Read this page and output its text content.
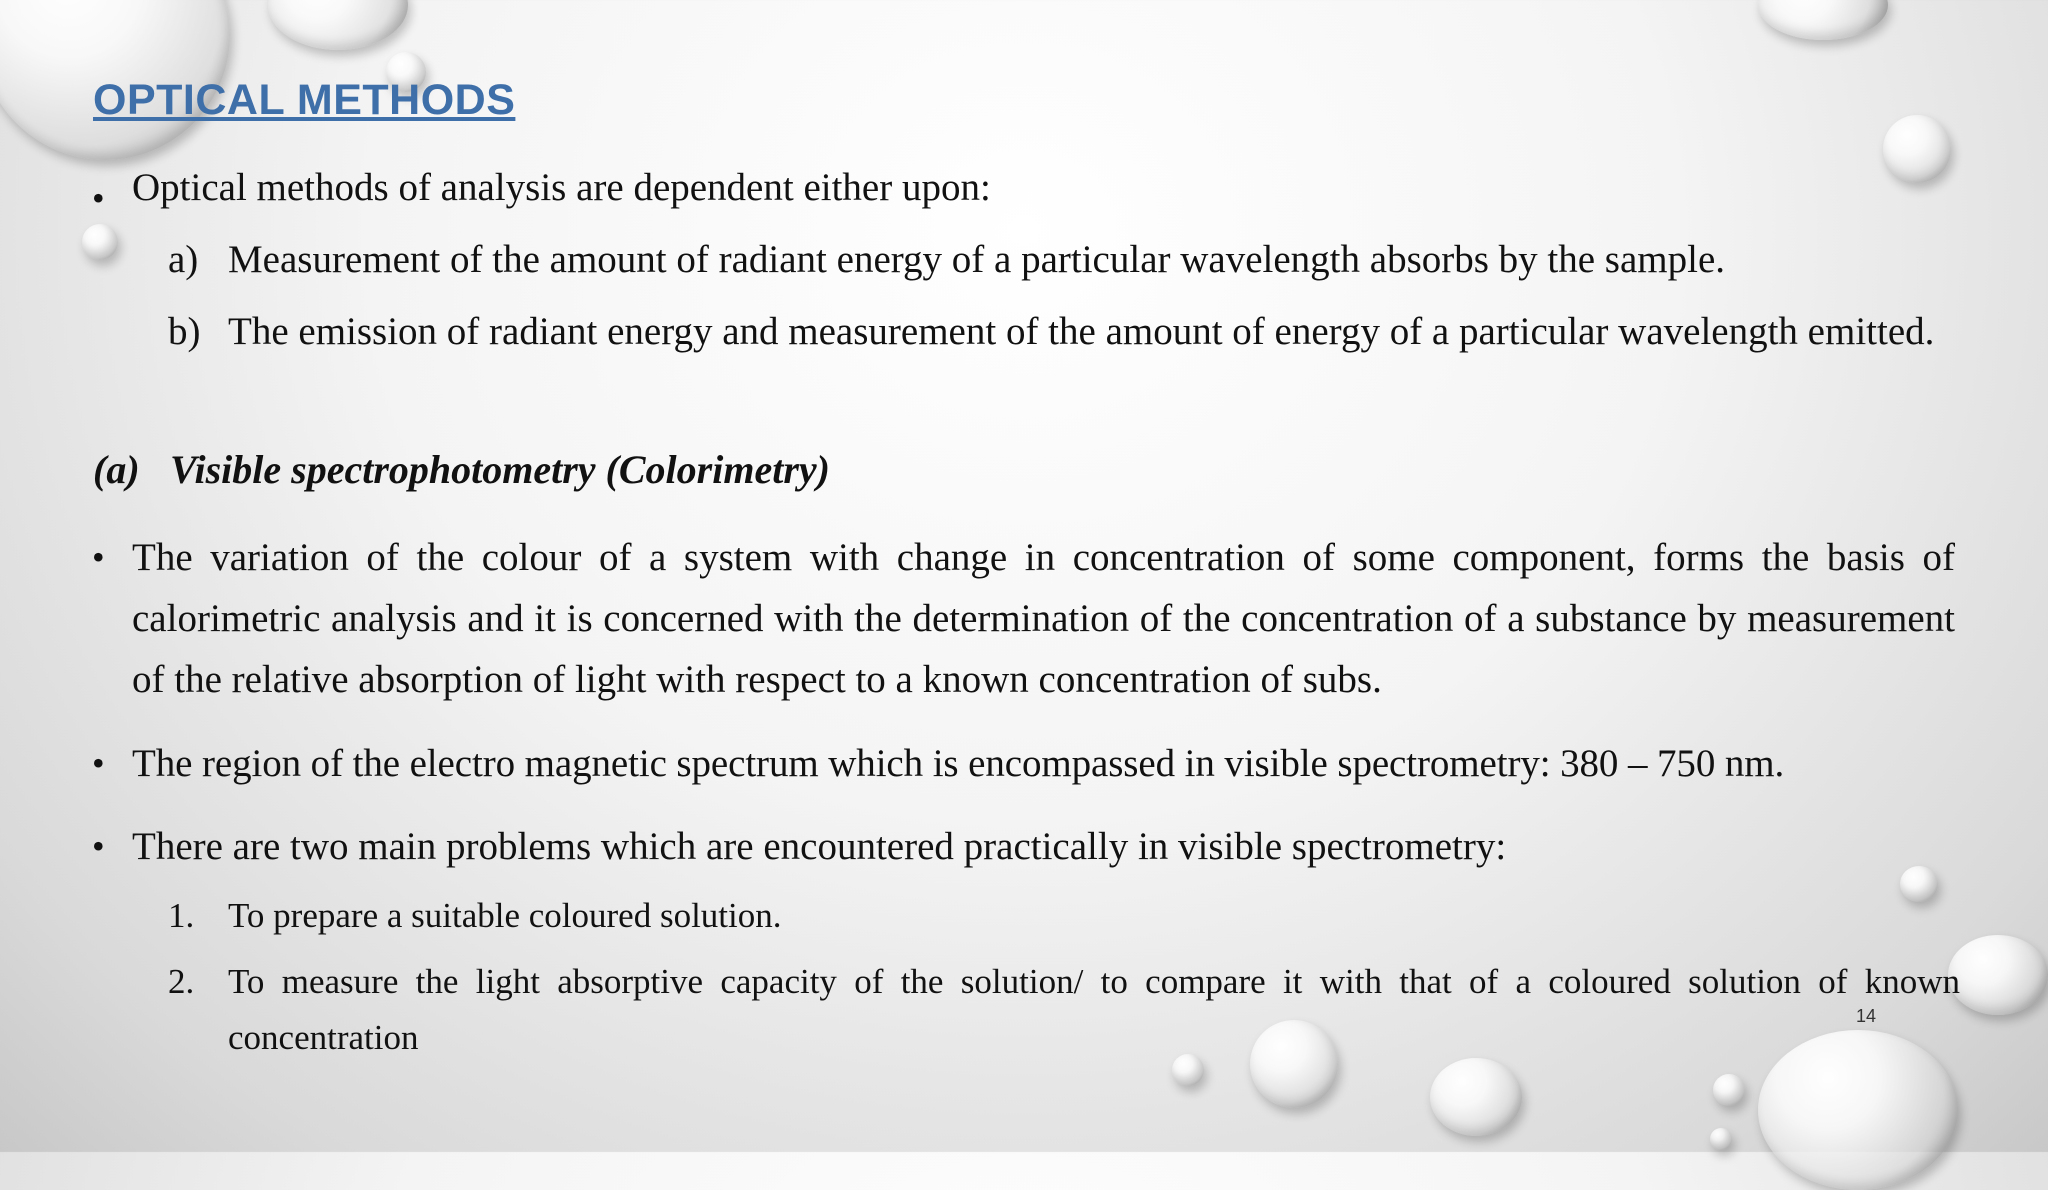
OPTICAL METHODS
• Optical methods of analysis are dependent either upon:
a) Measurement of the amount of radiant energy of a particular wavelength absorbs by the sample.
b) The emission of radiant energy and measurement of the amount of energy of a particular wavelength emitted.
(a) Visible spectrophotometry (Colorimetry)
• The variation of the colour of a system with change in concentration of some component, forms the basis of calorimetric analysis and it is concerned with the determination of the concentration of a substance by measurement of the relative absorption of light with respect to a known concentration of subs.
• The region of the electro magnetic spectrum which is encompassed in visible spectrometry: 380 – 750 nm.
• There are two main problems which are encountered practically in visible spectrometry:
1. To prepare a suitable coloured solution.
2. To measure the light absorptive capacity of the solution/ to compare it with that of a coloured solution of known concentration
14
